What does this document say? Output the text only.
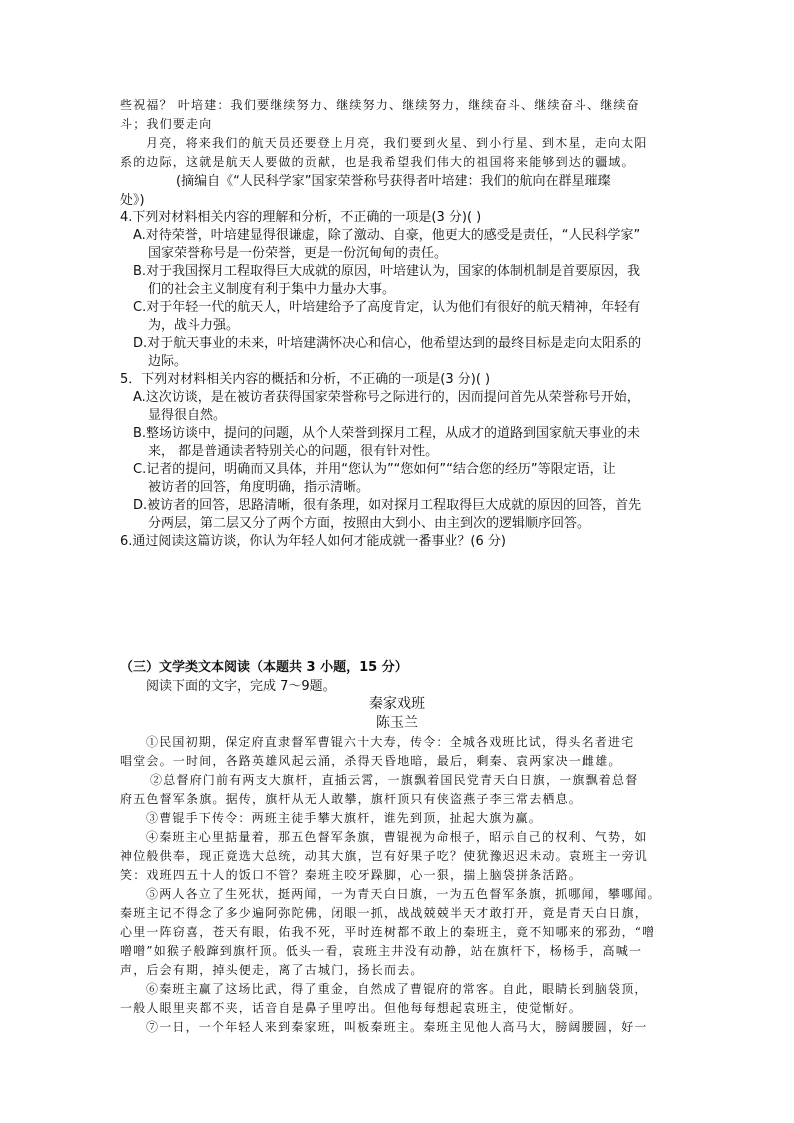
些祝福？ 叶培建：我们要继续努力、继续努力、继续努力，继续奋斗、继续奋斗、继续奋
斗；我们要走向
月亮，将来我们的航天员还要登上月亮，我们要到火星、到小行星、到木星，走向太阳
系的边际，这就是航天人要做的贡献，也是我希望我们伟大的祖国将来能够到达的疆域。
(摘编自《“人民科学家”国家荣誉称号获得者叶培建：我们的航向在群星璀璨
处》)
4.下列对材料相关内容的理解和分析，不正确的一项是(3 分)( )
A.对待荣誉，叶培建显得很谦虚，除了激动、自豪，他更大的感受是责任，“人民科学家”
国家荣誉称号是一份荣誉，更是一份沉甸甸的责任。
B.对于我国探月工程取得巨大成就的原因，叶培建认为，国家的体制机制是首要原因，我
们的社会主义制度有利于集中力量办大事。
C.对于年轻一代的航天人，叶培建给予了高度肯定，认为他们有很好的航天精神，年轻有
为，战斗力强。
D.对于航天事业的未来，叶培建满怀决心和信心，他希望达到的最终目标是走向太阳系的
边际。
5．下列对材料相关内容的概括和分析，不正确的一项是(3 分)( )
A.这次访谈，是在被访者获得国家荣誉称号之际进行的，因而提问首先从荣誉称号开始，
显得很自然。
B.整场访谈中，提问的问题，从个人荣誉到探月工程，从成才的道路到国家航天事业的未
来， 都是普通读者特别关心的问题，很有针对性。
C.记者的提问，明确而又具体，并用“您认为”“您如何”“结合您的经历”等限定语，让
被访者的回答，角度明确，指示清晰。
D.被访者的回答，思路清晰，很有条理，如对探月工程取得巨大成就的原因的回答，首先
分两层，第二层又分了两个方面，按照由大到小、由主到次的逻辑顺序回答。
6.通过阅读这篇访谈，你认为年轻人如何才能成就一番事业？(6 分)
（三）文学类文本阅读（本题共 3 小题，15 分）
阅读下面的文字，完成 7～9题。
秦家戏班
陈玉兰
①民国初期，保定府直隶督军曹锟六十大寿，传令：全城各戏班比试，得头名者进宅
唱堂会。一时间，各路英雄风起云涌，杀得天昏地暗，最后，剩秦、袁两家决一雌雄。
②总督府门前有两支大旗杆，直插云霄，一旗飘着国民党青天白日旗，一旗飘着总督
府五色督军条旗。据传，旗杆从无人敢攀，旗杆顶只有侠盗燕子李三常去栖息。
③曹锟手下传令：两班主徒手攀大旗杆，谁先到顶，扯起大旗为赢。
④秦班主心里掂量着，那五色督军条旗，曹锟视为命根子，昭示自己的权利、气势，如
神位般供奉，现正竟选大总统，动其大旗，岂有好果子吃？使犹豫迟迟未动。袁班主一旁讥
笑：戏班四五十人的饭口不管？秦班主咬牙跺脚，心一狠，揣上脑袋拼条活路。
⑤两人各立了生死状，挺两闻，一为青天白日旗，一为五色督军条旗，抓哪闻，攀哪闻。
秦班主记不得念了多少遍阿弥陀佛，闭眼一抓，战战兢兢半天才敢打开，竟是青天白日旗，
心里一阵窃喜，苍天有眼，佑我不死，平时连树都不敢上的秦班主，竟不知哪来的邪劲，“噌
噌噌”如猴子般蹿到旗杆顶。低头一看，袁班主井没有动静，站在旗杆下，杨杨手，高喊一
声，后会有期，掉头便走，离了古城门，扬长而去。
⑥秦班主赢了这场比武，得了重金，自然成了曹锟府的常客。自此，眼睛长到脑袋顶，
一般人眼里夹都不夹，话音自是鼻子里哼出。但他每每想起袁班主，使觉惭好。
⑦一日，一个年轻人来到秦家班，叫板秦班主。秦班主见他人高马大，膀阔腰圆，好一
